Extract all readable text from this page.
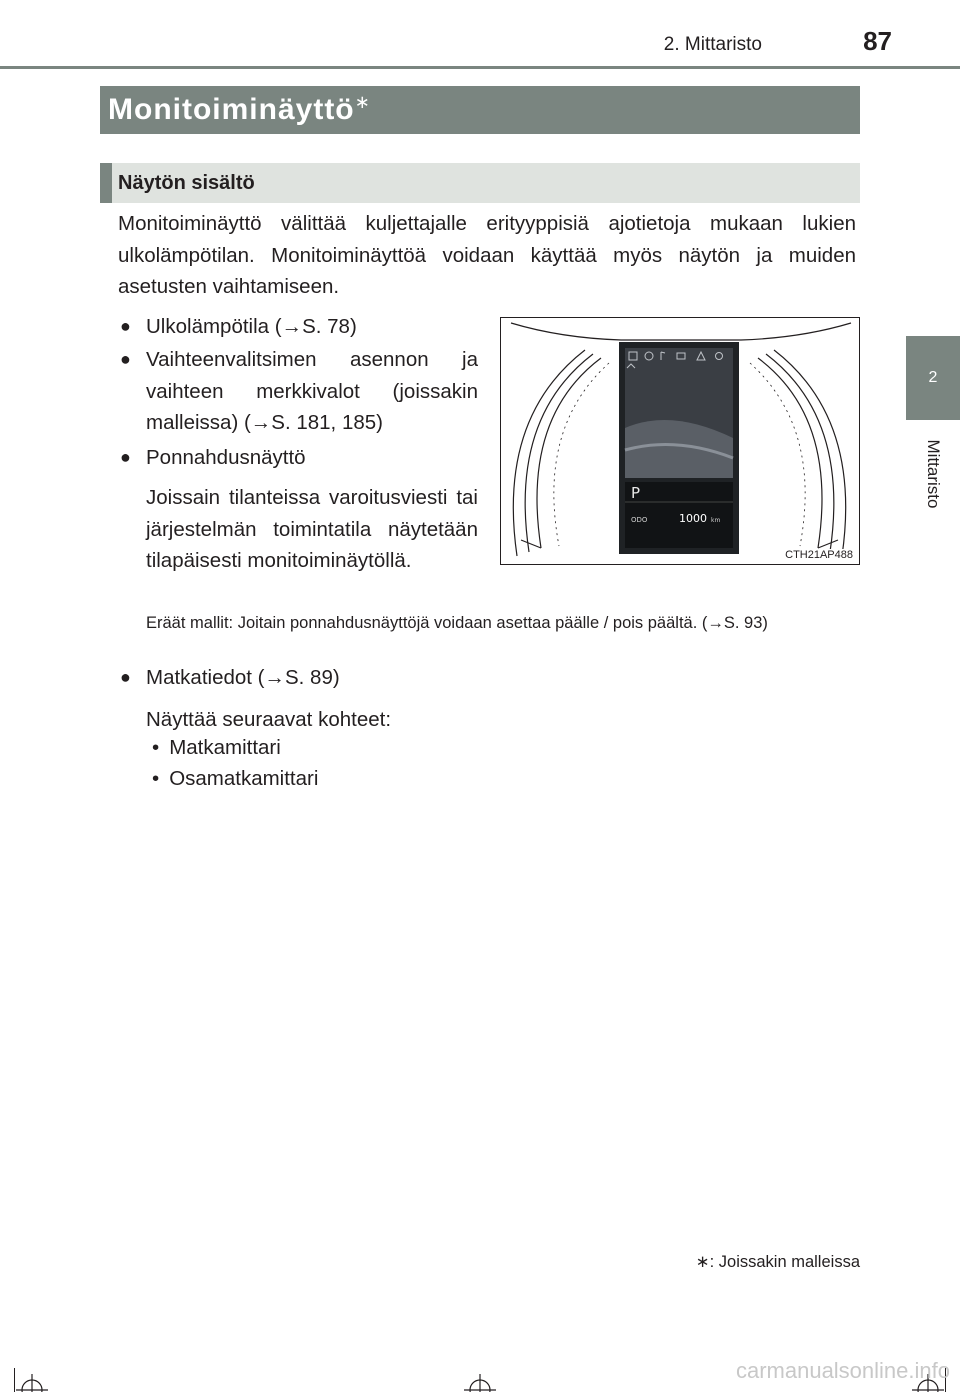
2. Mittaristo	87
2
Mittaristo
Monitoiminäyttö∗
Näytön sisältö
Monitoiminäyttö välittää kuljettajalle erityyppisiä ajotietoja mukaan lukien ulkolämpötilan. Monitoiminäyttöä voidaan käyttää myös näytön ja muiden asetusten vaihtamiseen.
● Ulkolämpötila (→S. 78)
● Vaihteenvalitsimen asennon ja vaihteen merkkivalot (joissakin malleissa) (→S. 181, 185)
● Ponnahdusnäyttö
Joissain tilanteissa varoitusviesti tai järjestelmän toimintatila näytetään tilapäisesti monitoiminäytöllä.
Eräät mallit: Joitain ponnahdusnäyttöjä voidaan asettaa päälle / pois päältä. (→S. 93)
● Matkatiedot (→S. 89)
Näyttää seuraavat kohteet:
• Matkamittari
• Osamatkamittari
P
ODO	1000 km
CTH21AP488
∗: Joissakin malleissa
carmanualsonline.info
